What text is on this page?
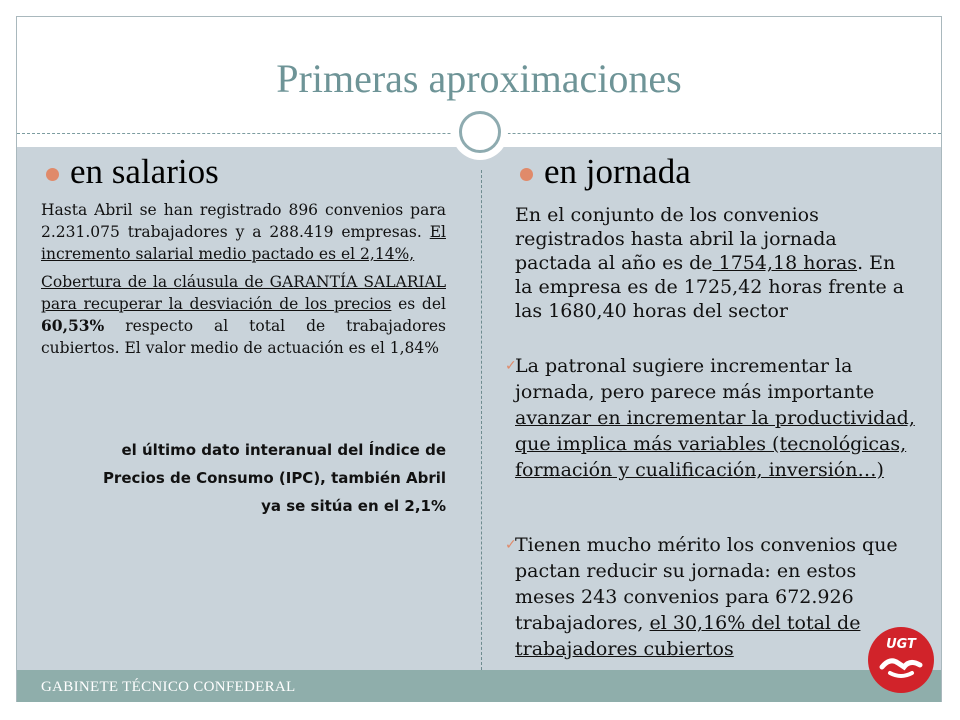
Primeras aproximaciones
en salarios

Hasta Abril se han registrado 896 convenios para 2.231.075 trabajadores y a 288.419 empresas. El incremento salarial medio pactado es el 2,14%,

Cobertura de la cláusula de GARANTÍA SALARIAL para recuperar la desviación de los precios es del 60,53% respecto al total de trabajadores cubiertos. El valor medio de actuación es el 1,84%

el último dato interanual del Índice de
Precios de Consumo (IPC), también Abril
ya se sitúa en el 2,1%
en jornada

En el conjunto de los convenios registrados hasta abril la jornada pactada al año es de 1754,18 horas. En la empresa es de 1725,42 horas frente a las 1680,40 horas del sector

✓
La patronal sugiere incrementar la jornada, pero parece más importante avanzar en incrementar la productividad, que implica más variables (tecnológicas, formación y cualificación, inversión…)
✓
Tienen mucho mérito los convenios que pactan reducir su jornada: en estos meses 243 convenios para 672.926 trabajadores, el 30,16% del total de trabajadores cubiertos
GABINETE TÉCNICO CONFEDERAL
UGT
